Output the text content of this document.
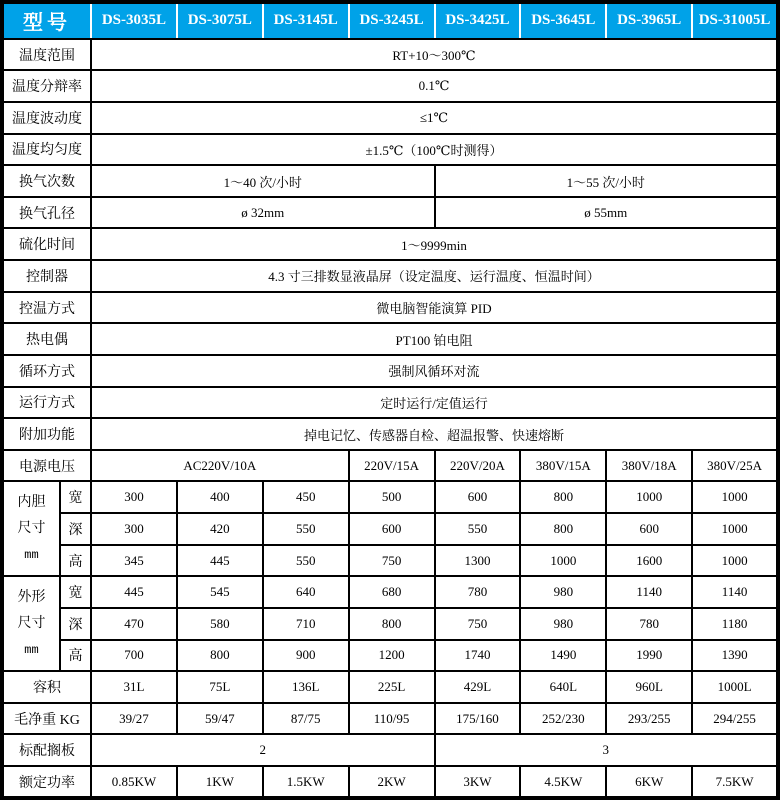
型号		DS-3035L	DS-3075L	DS-3145L	DS-3245L	DS-3425L	DS-3645L	DS-3965L	DS-31005L
温度范围		RT+10～300℃							
温度分辩率		0.1℃							
温度波动度		≤1℃							
温度均匀度		±1.5℃（100℃时测得）							
换气次数		1～40 次/小时				1～55 次/小时			
换气孔径		ø 32mm				ø 55mm			
硫化时间		1～9999min							
控制器		4.3 寸三排数显液晶屏（设定温度、运行温度、恒温时间）							
控温方式		微电脑智能演算 PID							
热电偶		PT100 铂电阻							
循环方式		强制风循环对流							
运行方式		定时运行/定值运行							
附加功能		掉电记忆、传感器自检、超温报警、快速熔断							
电源电压		AC220V/10A			220V/15A	220V/20A	380V/15A	380V/18A	380V/25A

内胆
尺寸
mm	宽	300	400	450	500	600	800	1000	1000
	深	300	420	550	600	550	800	600	1000
	高	345	445	550	750	1300	1000	1600	1000

外形
尺寸
mm	宽	445	545	640	680	780	980	1140	1140
	深	470	580	710	800	750	980	780	1180
	高	700	800	900	1200	1740	1490	1990	1390
容积		31L	75L	136L	225L	429L	640L	960L	1000L
毛净重 KG		39/27	59/47	87/75	110/95	175/160	252/230	293/255	294/255
标配搁板		2				3			
额定功率		0.85KW	1KW	1.5KW	2KW	3KW	4.5KW	6KW	7.5KW
